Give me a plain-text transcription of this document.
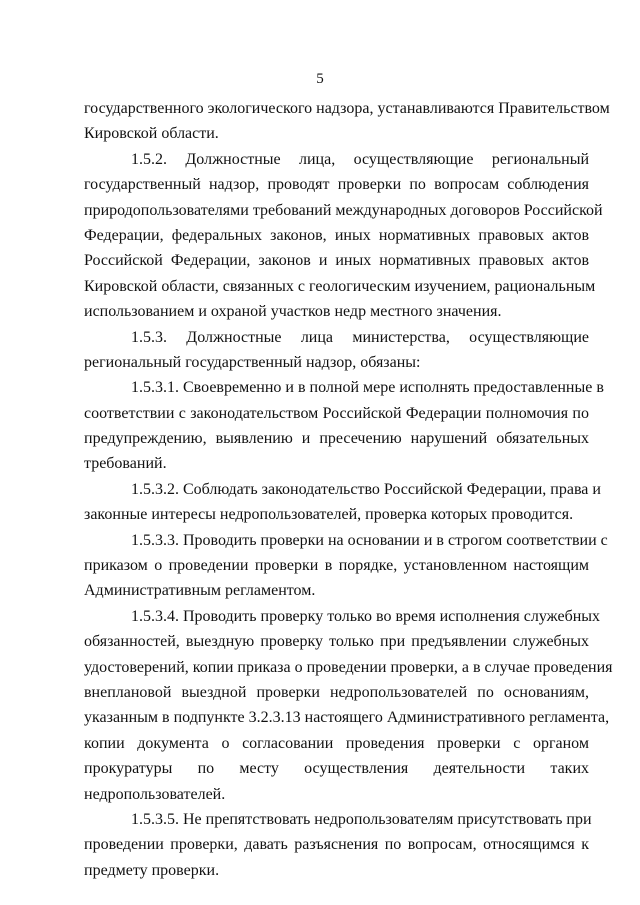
5
государственного экологического надзора, устанавливаются Правительством
Кировской области.
1.5.2. Должностные лица, осуществляющие региональный
государственный надзор, проводят проверки по вопросам соблюдения
природопользователями требований международных договоров Российской
Федерации, федеральных законов, иных нормативных правовых актов
Российской Федерации, законов и иных нормативных правовых актов
Кировской области, связанных с геологическим изучением, рациональным
использованием и охраной участков недр местного значения.
1.5.3. Должностные лица министерства, осуществляющие
региональный государственный надзор, обязаны:
1.5.3.1. Своевременно и в полной мере исполнять предоставленные в
соответствии с законодательством Российской Федерации полномочия по
предупреждению, выявлению и пресечению нарушений обязательных
требований.
1.5.3.2. Соблюдать законодательство Российской Федерации, права и
законные интересы недропользователей, проверка которых проводится.
1.5.3.3. Проводить проверки на основании и в строгом соответствии с
приказом о проведении проверки в порядке, установленном настоящим
Административным регламентом.
1.5.3.4. Проводить проверку только во время исполнения служебных
обязанностей, выездную проверку только при предъявлении служебных
удостоверений, копии приказа о проведении проверки, а в случае проведения
внеплановой выездной проверки недропользователей по основаниям,
указанным в подпункте 3.2.3.13 настоящего Административного регламента,
копии документа о согласовании проведения проверки с органом
прокуратуры по месту осуществления деятельности таких
недропользователей.
1.5.3.5. Не препятствовать недропользователям присутствовать при
проведении проверки, давать разъяснения по вопросам, относящимся к
предмету проверки.
